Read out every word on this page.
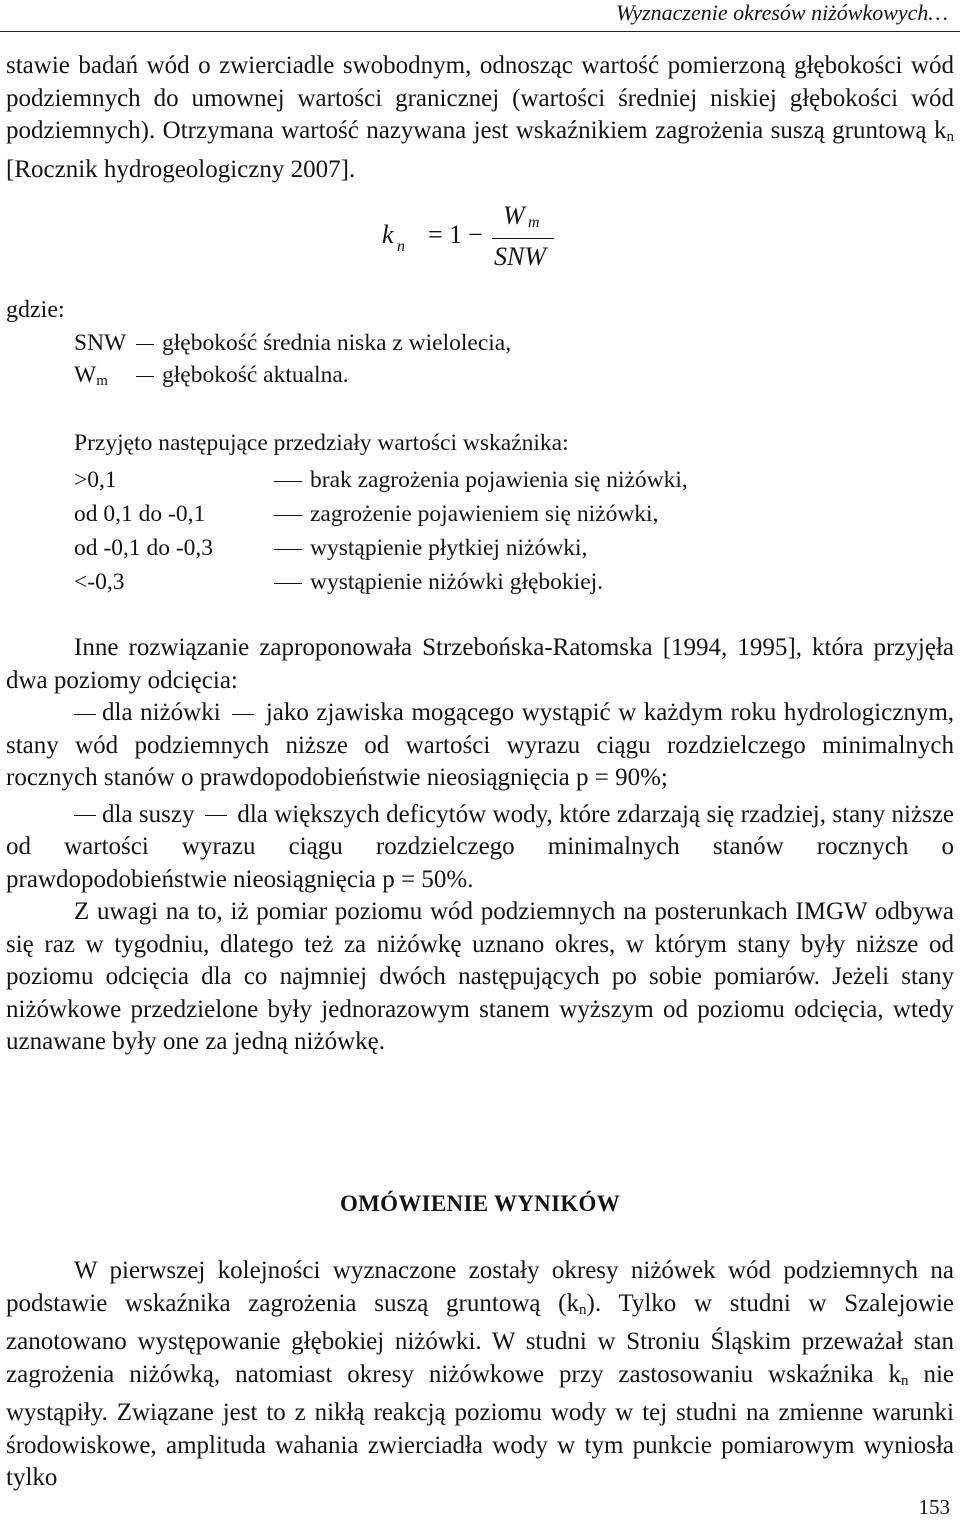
Wyznaczenie okresów niżówkowych…

stawie badań wód o zwierciadle swobodnym, odnosząc wartość pomierzoną głębokości wód podziemnych do umownej wartości granicznej (wartości średniej niskiej głębokości wód podziemnych). Otrzymana wartość nazywana jest wskaźnikiem zagrożenia suszą gruntową $k_n$ [Rocznik hydrogeologiczny 2007].

k n = 1 −
W m
SNW
gdzie:
SNW głębokość średnia niska z wielolecia,
$W_m$ głębokość aktualna.
Przyjęto następujące przedziały wartości wskaźnika:
>0,1	brak zagrożenia pojawienia się niżówki,
od 0,1 do -0,1	zagrożenie pojawieniem się niżówki,
od -0,1 do -0,3	wystąpienie płytkiej niżówki,
<-0,3	wystąpienie niżówki głębokiej.

Inne rozwiązanie zaproponowała Strzebońska-Ratomska [1994, 1995], która przyjęła dwa poziomy odcięcia:

dla niżówki jako zjawiska mogącego wystąpić w każdym roku hydrologicznym, stany wód podziemnych niższe od wartości wyrazu ciągu rozdzielczego minimalnych rocznych stanów o prawdopodobieństwie nieosiągnięcia p = 90%;

dla suszy dla większych deficytów wody, które zdarzają się rzadziej, stany niższe od wartości wyrazu ciągu rozdzielczego minimalnych stanów rocznych o prawdopodobieństwie nieosiągnięcia p = 50%.

Z uwagi na to, iż pomiar poziomu wód podziemnych na posterunkach IMGW odbywa się raz w tygodniu, dlatego też za niżówkę uznano okres, w którym stany były niższe od poziomu odcięcia dla co najmniej dwóch następujących po sobie pomiarów. Jeżeli stany niżówkowe przedzielone były jednorazowym stanem wyższym od poziomu odcięcia, wtedy uznawane były one za jedną niżówkę.

OMÓWIENIE WYNIKÓW

W pierwszej kolejności wyznaczone zostały okresy niżówek wód podziemnych na podstawie wskaźnika zagrożenia suszą gruntową $(k_n)$. Tylko w studni w Szalejowie zanotowano występowanie głębokiej niżówki. W studni w Stroniu Śląskim przeważał stan zagrożenia niżówką, natomiast okresy niżówkowe przy zastosowaniu wskaźnika $k_n$ nie wystąpiły. Związane jest to z nikłą reakcją poziomu wody w tej studni na zmienne warunki środowiskowe, amplituda wahania zwierciadła wody w tym punkcie pomiarowym wyniosła tylko

153
